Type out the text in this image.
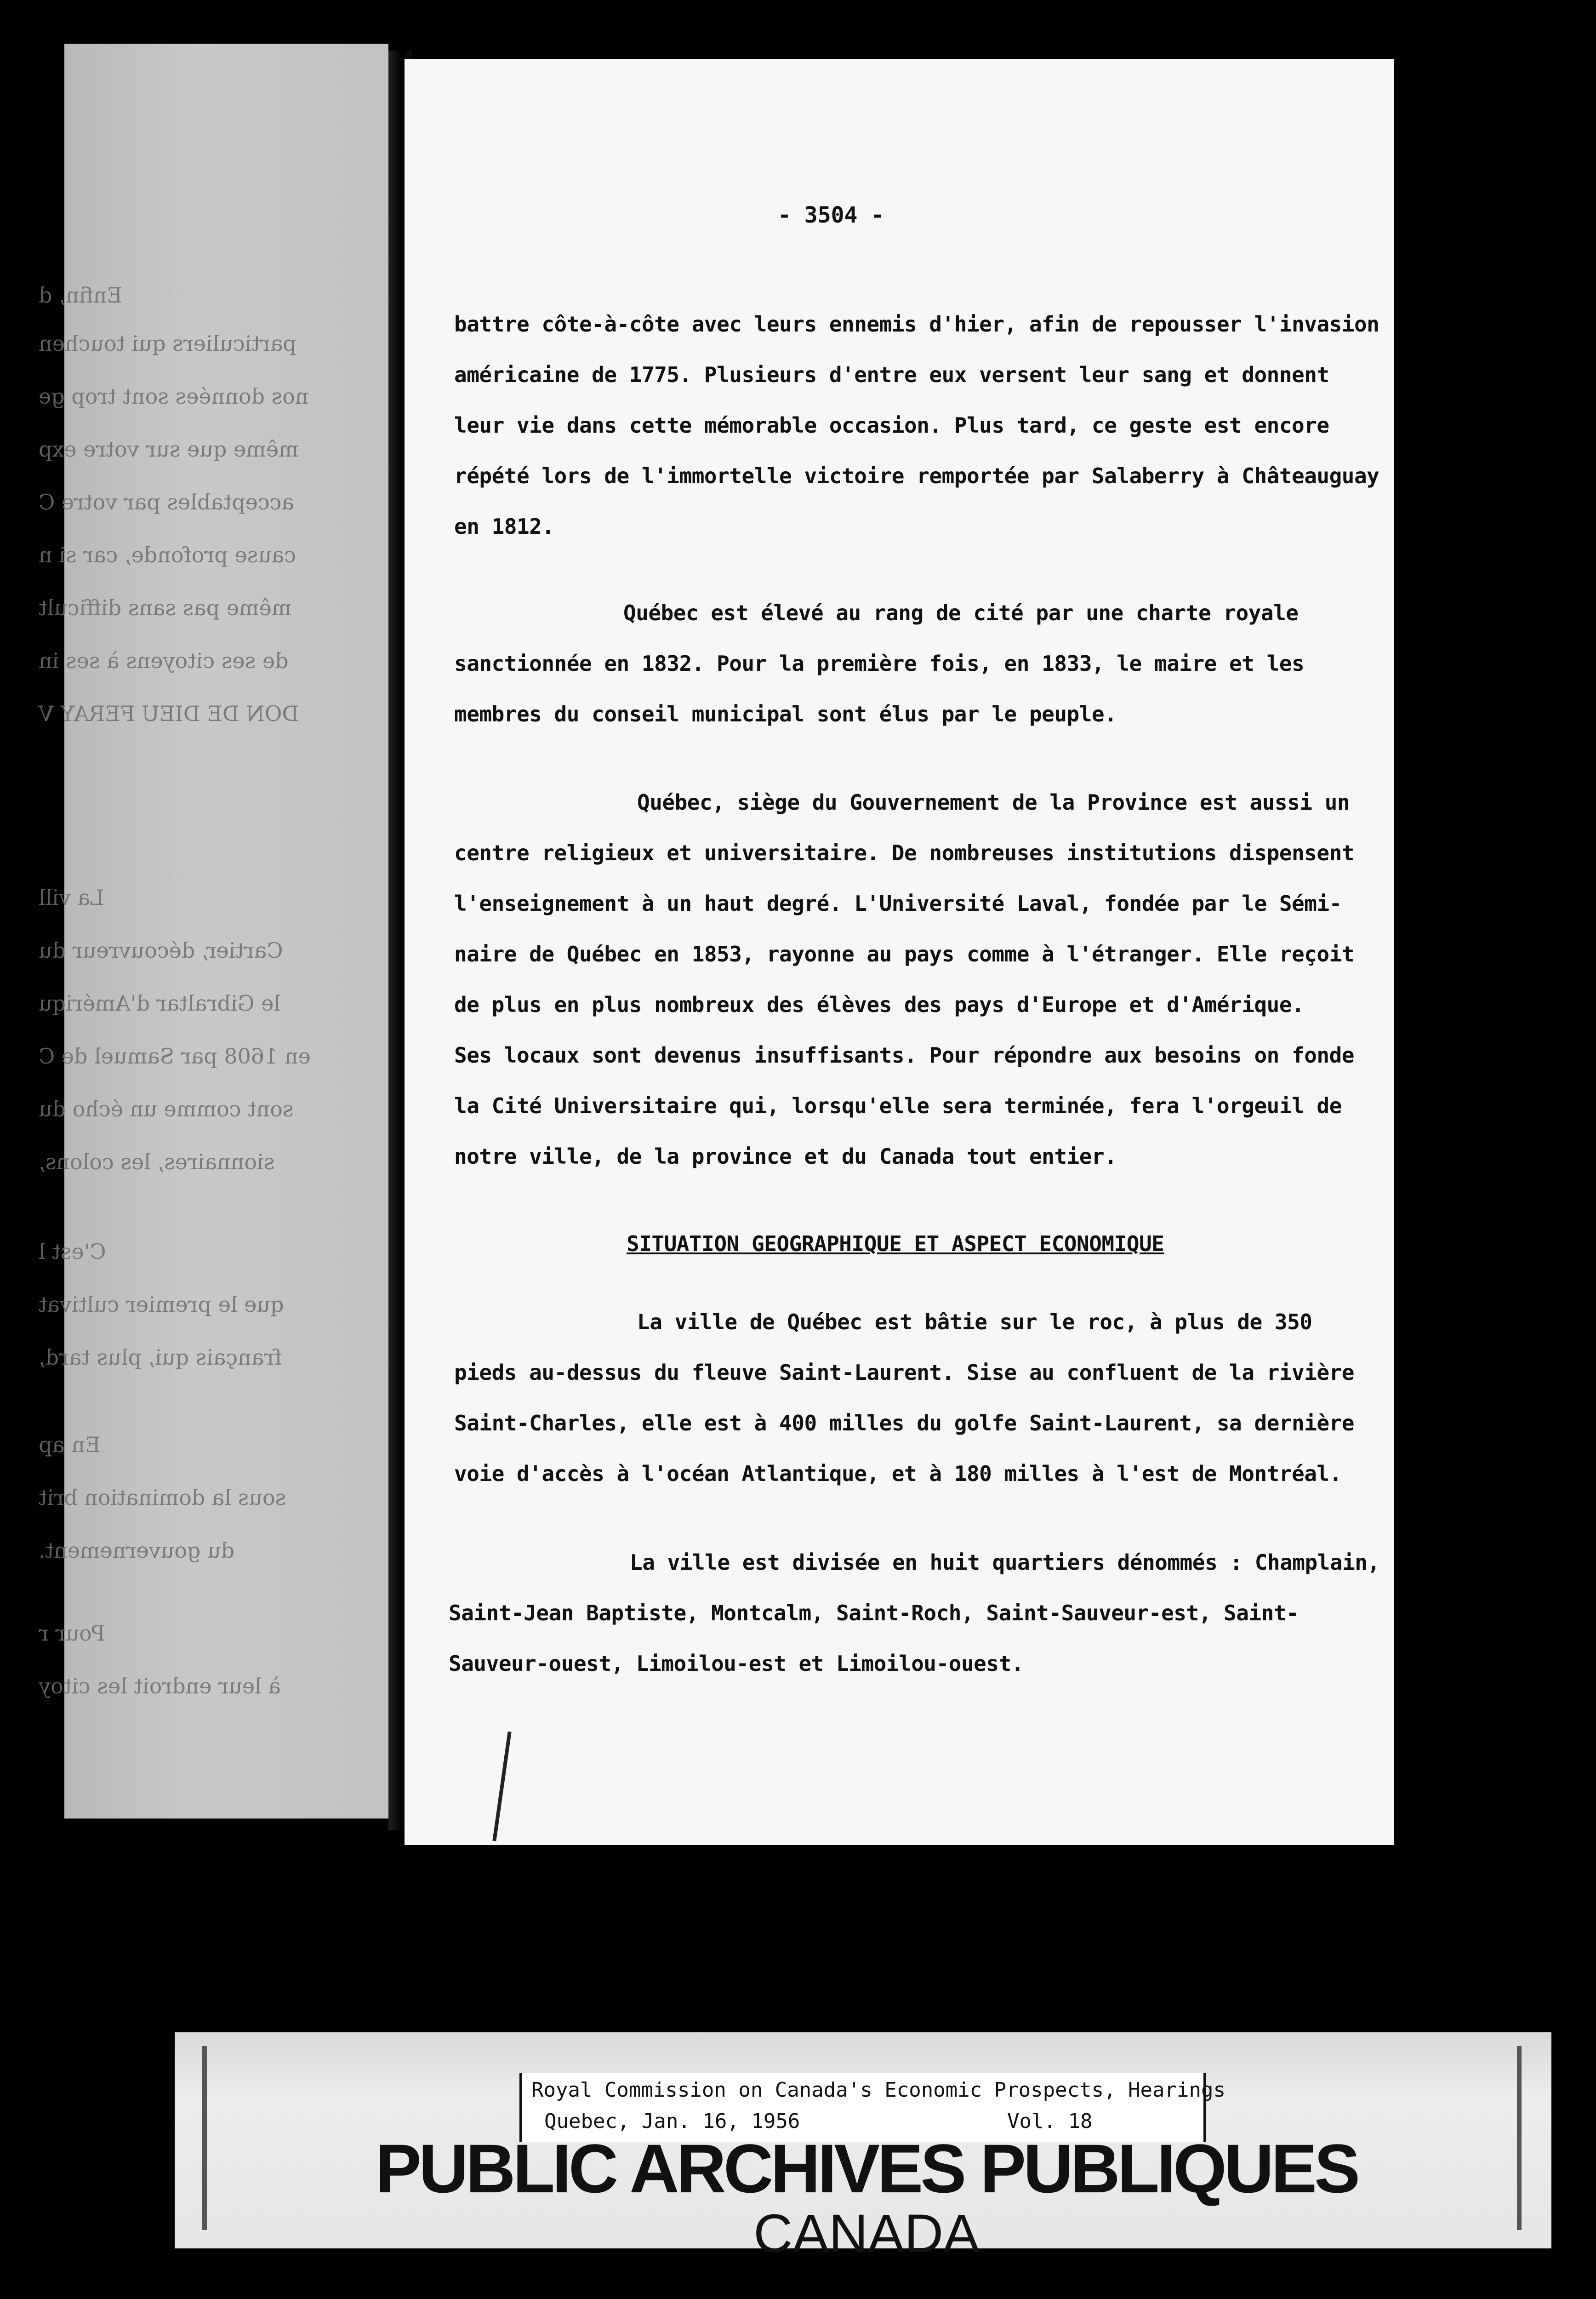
Enfin, d
particuliers qui touchen
nos données sont trop ge
même que sur votre exp
acceptables par votre C
cause profonde, car si n
même pas sans difficult
de ses citoyens à ses in
DON DE DIEU FERAY V
La vill
Cartier, découvreur du
le Gibraltar d'Amériqu
en 1608 par Samuel de C
sont comme un écho du
sionnaires, les colons,
C'est l
que le premier cultivat
français qui, plus tard,
En ap
sous la domination brit
du gouvernement.
Pour r
à leur endroit les citoy
- 3504 -
battre côte-à-côte avec leurs ennemis d'hier, afin de repousser l'invasion
américaine de 1775. Plusieurs d'entre eux versent leur sang et donnent
leur vie dans cette mémorable occasion. Plus tard, ce geste est encore
répété lors de l'immortelle victoire remportée par Salaberry à Châteauguay
en 1812.
Québec est élevé au rang de cité par une charte royale
sanctionnée en 1832. Pour la première fois, en 1833, le maire et les
membres du conseil municipal sont élus par le peuple.
Québec, siège du Gouvernement de la Province est aussi un
centre religieux et universitaire. De nombreuses institutions dispensent
l'enseignement à un haut degré. L'Université Laval, fondée par le Sémi-
naire de Québec en 1853, rayonne au pays comme à l'étranger. Elle reçoit
de plus en plus nombreux des élèves des pays d'Europe et d'Amérique.
Ses locaux sont devenus insuffisants. Pour répondre aux besoins on fonde
la Cité Universitaire qui, lorsqu'elle sera terminée, fera l'orgeuil de
notre ville, de la province et du Canada tout entier.
SITUATION GEOGRAPHIQUE ET ASPECT ECONOMIQUE
La ville de Québec est bâtie sur le roc, à plus de 350
pieds au-dessus du fleuve Saint-Laurent. Sise au confluent de la rivière
Saint-Charles, elle est à 400 milles du golfe Saint-Laurent, sa dernière
voie d'accès à l'océan Atlantique, et à 180 milles à l'est de Montréal.
La ville est divisée en huit quartiers dénommés : Champlain,
Saint-Jean Baptiste, Montcalm, Saint-Roch, Saint-Sauveur-est, Saint-
Sauveur-ouest, Limoilou-est et Limoilou-ouest.
Royal Commission on Canada's Economic Prospects, Hearings
Quebec, Jan. 16, 1956	Vol. 18
PUBLIC ARCHIVES PUBLIQUES
CANADA
